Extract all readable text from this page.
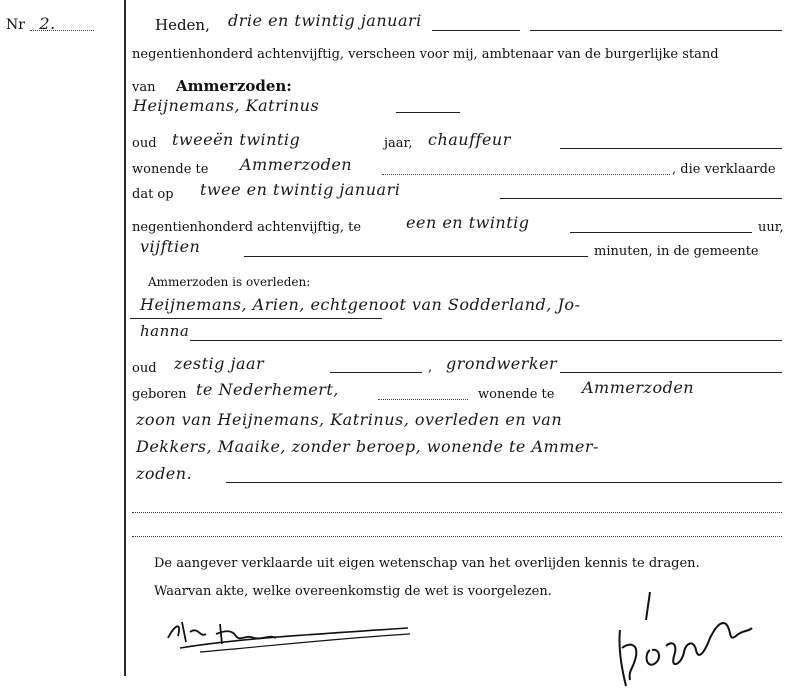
Nr 2.	Heden, drie en twintig januari
negentienhonderd achtenvijftig, verscheen voor mij, ambtenaar van de burgerlijke stand
van Ammerzoden:
Heijnemans, Katrinus
oud tweeën twintig	jaar, chauffeur
wonende te Ammerzoden	, die verklaarde
dat op twee en twintig januari
negentienhonderd achtenvijftig, te	een en twintig	uur,
vijftien	minuten, in de gemeente
Ammerzoden is overleden:
Heijnemans, Arien, echtgenoot van Sodderland, Jo-
hanna
oud zestig jaar	, grondwerker
geboren te Nederhemert,	wonende te Ammerzoden
zoon van Heijnemans, Katrinus, overleden en van
Dekkers, Maaike, zonder beroep, wonende te Ammer-
zoden.
De aangever verklaarde uit eigen wetenschap van het overlijden kennis te dragen.
Waarvan akte, welke overeenkomstig de wet is voorgelezen.
